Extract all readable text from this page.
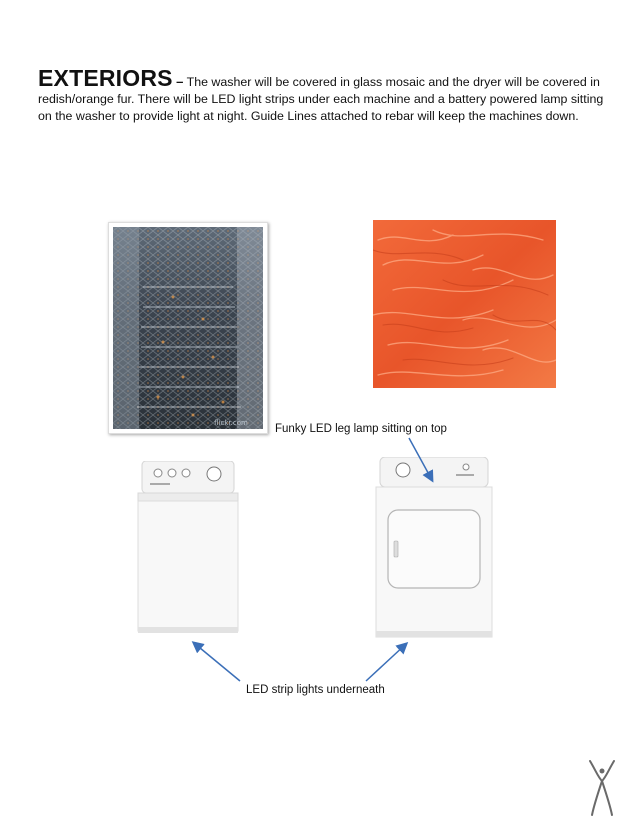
EXTERIORS – The washer will be covered in glass mosaic and the dryer will be covered in redish/orange fur. There will be LED light strips under each machine and a battery powered lamp sitting on the washer to provide light at night. Guide Lines attached to rebar will keep the machines down.
flickr.com Funky LED leg lamp sitting on top
LED strip lights underneath
